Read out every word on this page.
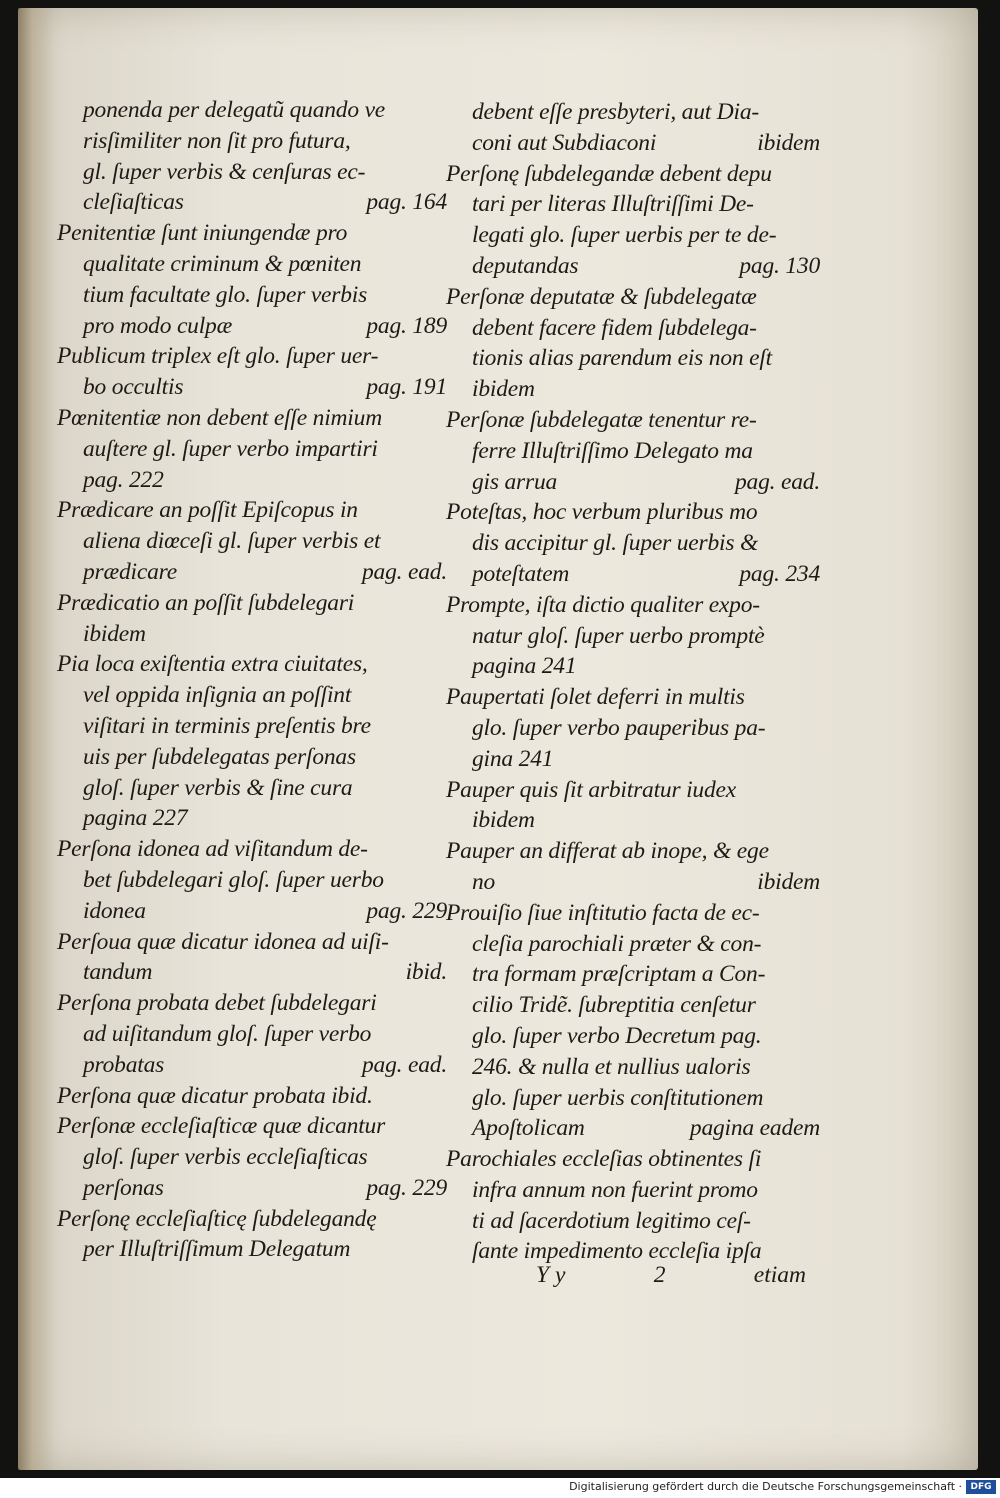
ponenda per delegatũ quando ve
risſimiliter non ſit pro futura,
gl. ſuper verbis & cenſuras ec-
cleſiaſticas	pag. 164
Penitentiæ ſunt iniungendæ pro
qualitate criminum & pœniten
tium facultate glo. ſuper verbis
pro modo culpæ	pag. 189
Publicum triplex eſt glo. ſuper uer-
bo occultis	pag. 191
Pœnitentiæ non debent eſſe nimium
auſtere gl. ſuper verbo impartiri
pag. 222
Prædicare an poſſit Epiſcopus in
aliena diœceſi gl. ſuper verbis et
prædicare	pag. ead.
Prædicatio an poſſit ſubdelegari
ibidem
Pia loca exiſtentia extra ciuitates,
vel oppida inſignia an poſſint
viſitari in terminis preſentis bre
uis per ſubdelegatas perſonas
gloſ. ſuper verbis & ſine cura
pagina 227
Perſona idonea ad viſitandum de-
bet ſubdelegari gloſ. ſuper uerbo
idonea	pag. 229
Perſoua quæ dicatur idonea ad uiſi-
tandum	ibid.
Perſona probata debet ſubdelegari
ad uiſitandum gloſ. ſuper verbo
probatas	pag. ead.
Perſona quæ dicatur probata ibid.
Perſonæ eccleſiaſticæ quæ dicantur
gloſ. ſuper verbis eccleſiaſticas
perſonas	pag. 229
Perſonę eccleſiaſticę ſubdelegandę
per Illuſtriſſimum Delegatum
debent eſſe presbyteri, aut Dia-
coni aut Subdiaconi	ibidem
Perſonę ſubdelegandæ debent depu
tari per literas Illuſtriſſimi De-
legati glo. ſuper uerbis per te de-
deputandas	pag. 130
Perſonæ deputatæ & ſubdelegatæ
debent facere fidem ſubdelega-
tionis alias parendum eis non eſt
ibidem
Perſonæ ſubdelegatæ tenentur re-
ferre Illuſtriſſimo Delegato ma
gis arrua	pag. ead.
Poteſtas, hoc verbum pluribus mo
dis accipitur gl. ſuper uerbis &
poteſtatem	pag. 234
Prompte, iſta dictio qualiter expo-
natur gloſ. ſuper uerbo promptè
pagina 241
Paupertati ſolet deferri in multis
glo. ſuper verbo pauperibus pa-
gina 241
Pauper quis ſit arbitratur iudex
ibidem
Pauper an differat ab inope, & ege
no	ibidem
Prouiſio ſiue inſtitutio facta de ec-
cleſia parochiali præter & con-
tra formam præſcriptam a Con-
cilio Tridẽ. ſubreptitia cenſetur
glo. ſuper verbo Decretum pag.
246. & nulla et nullius ualoris
glo. ſuper uerbis conſtitutionem
Apoſtolicam	pagina eadem
Parochiales eccleſias obtinentes ſi
infra annum non fuerint promo
ti ad ſacerdotium legitimo ceſ-
ſante impedimento eccleſia ipſa
Y y	2	etiam
Digitalisierung gefördert durch die Deutsche Forschungsgemeinschaft · DFG
